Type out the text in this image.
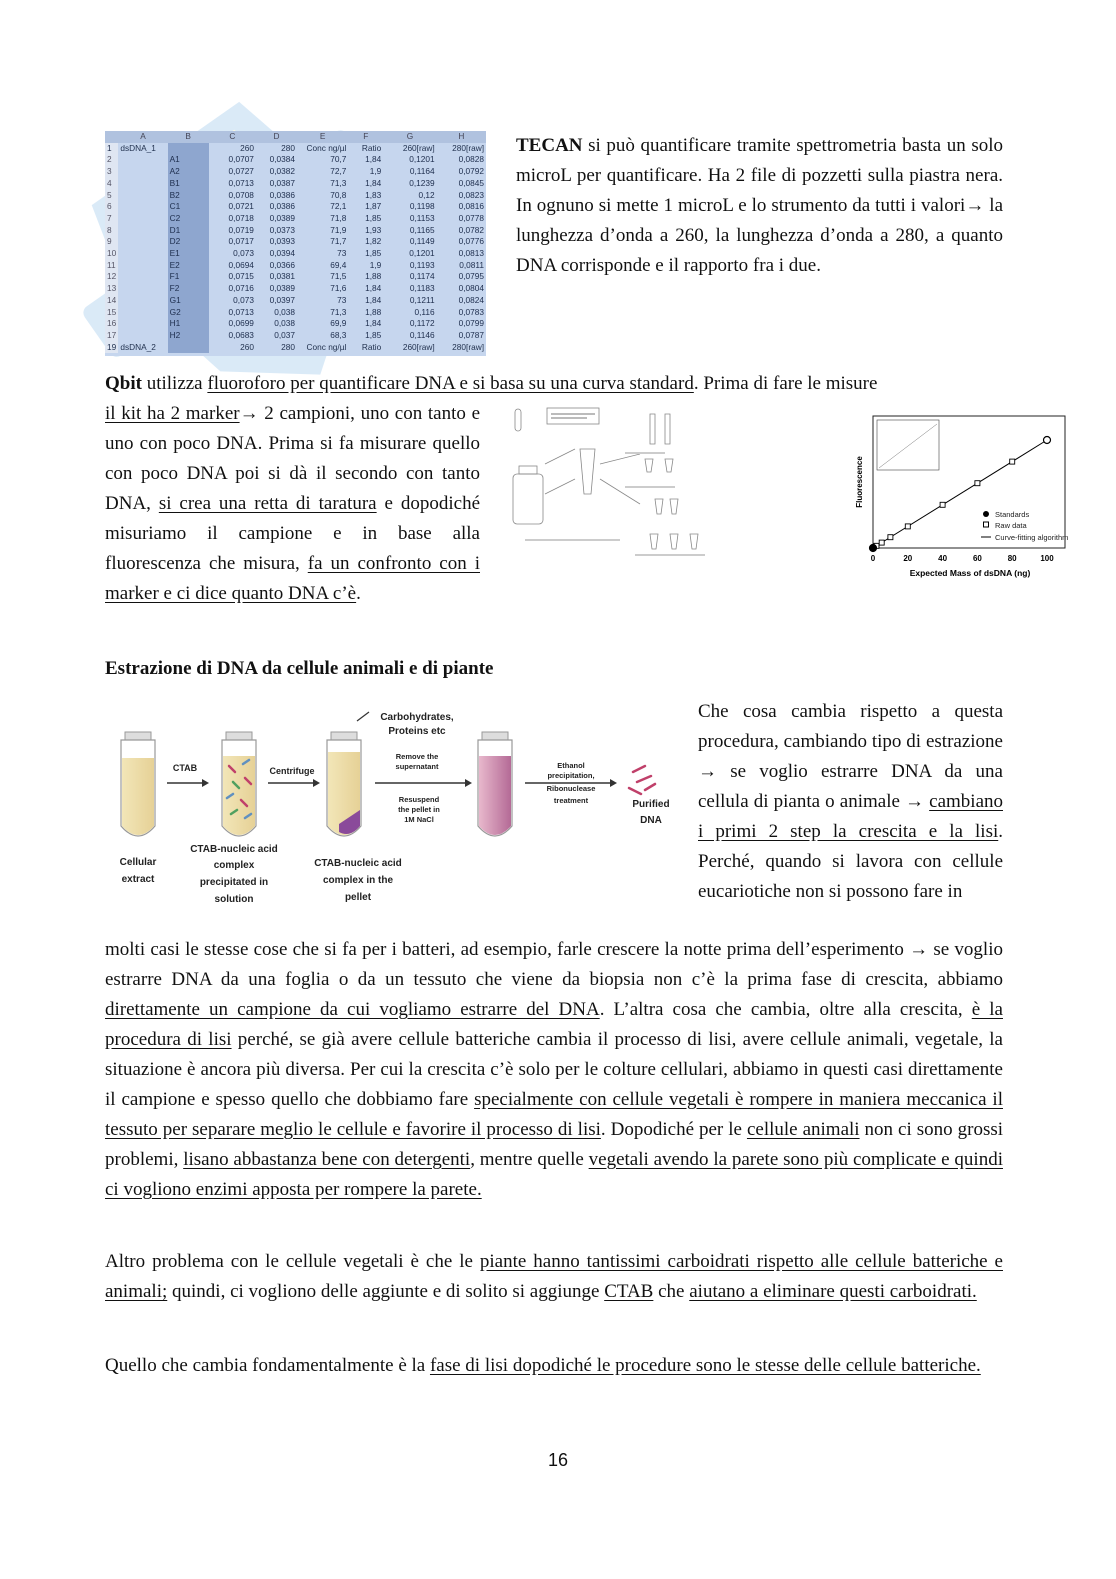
	A	B	C	D	E	F	G	H
1	dsDNA_1		260	280	Conc ng/µl	Ratio	260[raw]	280[raw]
2		A1	0,0707	0,0384	70,7	1,84	0,1201	0,0828
3		A2	0,0727	0,0382	72,7	1,9	0,1164	0,0792
4		B1	0,0713	0,0387	71,3	1,84	0,1239	0,0845
5		B2	0,0708	0,0386	70,8	1,83	0,12	0,0823
6		C1	0,0721	0,0386	72,1	1,87	0,1198	0,0816
7		C2	0,0718	0,0389	71,8	1,85	0,1153	0,0778
8		D1	0,0719	0,0373	71,9	1,93	0,1165	0,0782
9		D2	0,0717	0,0393	71,7	1,82	0,1149	0,0776
10		E1	0,073	0,0394	73	1,85	0,1201	0,0813
11		E2	0,0694	0,0366	69,4	1,9	0,1193	0,0811
12		F1	0,0715	0,0381	71,5	1,88	0,1174	0,0795
13		F2	0,0716	0,0389	71,6	1,84	0,1183	0,0804
14		G1	0,073	0,0397	73	1,84	0,1211	0,0824
15		G2	0,0713	0,038	71,3	1,88	0,116	0,0783
16		H1	0,0699	0,038	69,9	1,84	0,1172	0,0799
17		H2	0,0683	0,037	68,3	1,85	0,1146	0,0787
19	dsDNA_2		260	280	Conc ng/µl	Ratio	260[raw]	280[raw]

TECAN si può quantificare tramite spettrometria basta un solo microL per quantificare. Ha 2 file di pozzetti sulla piastra nera. In ognuno si mette 1 microL e lo strumento da tutti i valori→ la lunghezza d’onda a 260, la lunghezza d’onda a 280, a quanto DNA corrisponde e il rapporto fra i due.

Qbit utilizza fluoroforo per quantificare DNA e si basa su una curva standard. Prima di fare le misure

il kit ha 2 marker→ 2 campioni, uno con tanto e uno con poco DNA. Prima si fa misurare quello con poco DNA poi si dà il secondo con tanto DNA, si crea una retta di taratura e dopodiché misuriamo il campione e in base alla fluorescenza che misura, fa un confronto con i marker e ci dice quanto DNA c’è.

Fluorescence
0	20	40	60	80	100
Expected Mass of dsDNA (ng)
Standards
Raw data
Curve-fitting algorithm
Estrazione di DNA da cellule animali e di piante
CTAB	Centrifuge
Carbohydrates,
Proteins etc
Remove the
supernatant
Resuspend
the pellet in
1M NaCl
Ethanol
precipitation,
Ribonuclease
treatment	Purified
DNA
Cellular
extract
CTAB-nucleic acid
complex
precipitated in
solution
CTAB-nucleic acid
complex in the
pellet

Che cosa cambia rispetto a questa procedura, cambiando tipo di estrazione → se voglio estrarre DNA da una cellula di pianta o animale → cambiano i primi 2 step la crescita e la lisi. Perché, quando si lavora con cellule eucariotiche non si possono fare in

molti casi le stesse cose che si fa per i batteri, ad esempio, farle crescere la notte prima dell’esperimento → se voglio estrarre DNA da una foglia o da un tessuto che viene da biopsia non c’è la prima fase di crescita, abbiamo direttamente un campione da cui vogliamo estrarre del DNA. L’altra cosa che cambia, oltre alla crescita, è la procedura di lisi perché, se già avere cellule batteriche cambia il processo di lisi, avere cellule animali, vegetale, la situazione è ancora più diversa. Per cui la crescita c’è solo per le colture cellulari, abbiamo in questi casi direttamente il campione e spesso quello che dobbiamo fare specialmente con cellule vegetali è rompere in maniera meccanica il tessuto per separare meglio le cellule e favorire il processo di lisi. Dopodiché per le cellule animali non ci sono grossi problemi, lisano abbastanza bene con detergenti, mentre quelle vegetali avendo la parete sono più complicate e quindi ci vogliono enzimi apposta per rompere la parete.

Altro problema con le cellule vegetali è che le piante hanno tantissimi carboidrati rispetto alle cellule batteriche e animali; quindi, ci vogliono delle aggiunte e di solito si aggiunge CTAB che aiutano a eliminare questi carboidrati.

Quello che cambia fondamentalmente è la fase di lisi dopodiché le procedure sono le stesse delle cellule batteriche.

16
